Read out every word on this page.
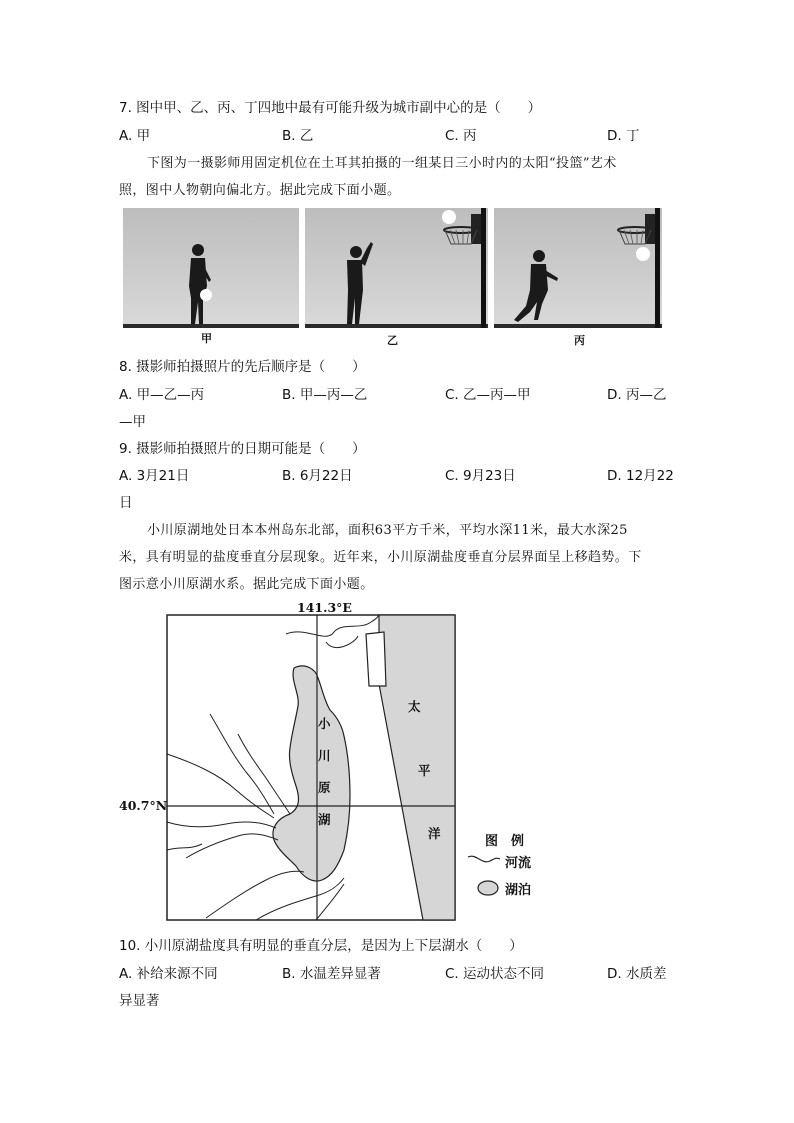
7. 图中甲、乙、丙、丁四地中最有可能升级为城市副中心的是（　　）
A. 甲	B. 乙	C. 丙	D. 丁
下图为一摄影师用固定机位在土耳其拍摄的一组某日三小时内的太阳“投篮”艺术
照，图中人物朝向偏北方。据此完成下面小题。
甲	乙	丙
8. 摄影师拍摄照片的先后顺序是（　　）
A. 甲—乙—丙	B. 甲—丙—乙	C. 乙—丙—甲	D. 丙—乙
—甲
9. 摄影师拍摄照片的日期可能是（　　）
A. 3月21日	B. 6月22日	C. 9月23日	D. 12月22
日
小川原湖地处日本本州岛东北部，面积63平方千米，平均水深11米，最大水深25
米，具有明显的盐度垂直分层现象。近年来，小川原湖盐度垂直分层界面呈上移趋势。下
图示意小川原湖水系。据此完成下面小题。
141.3°E
40.7°N
小
川
原
湖
太
平
洋
图　例
河流
湖泊
10. 小川原湖盐度具有明显的垂直分层，是因为上下层湖水（　　）
A. 补给来源不同	B. 水温差异显著	C. 运动状态不同	D. 水质差
异显著
